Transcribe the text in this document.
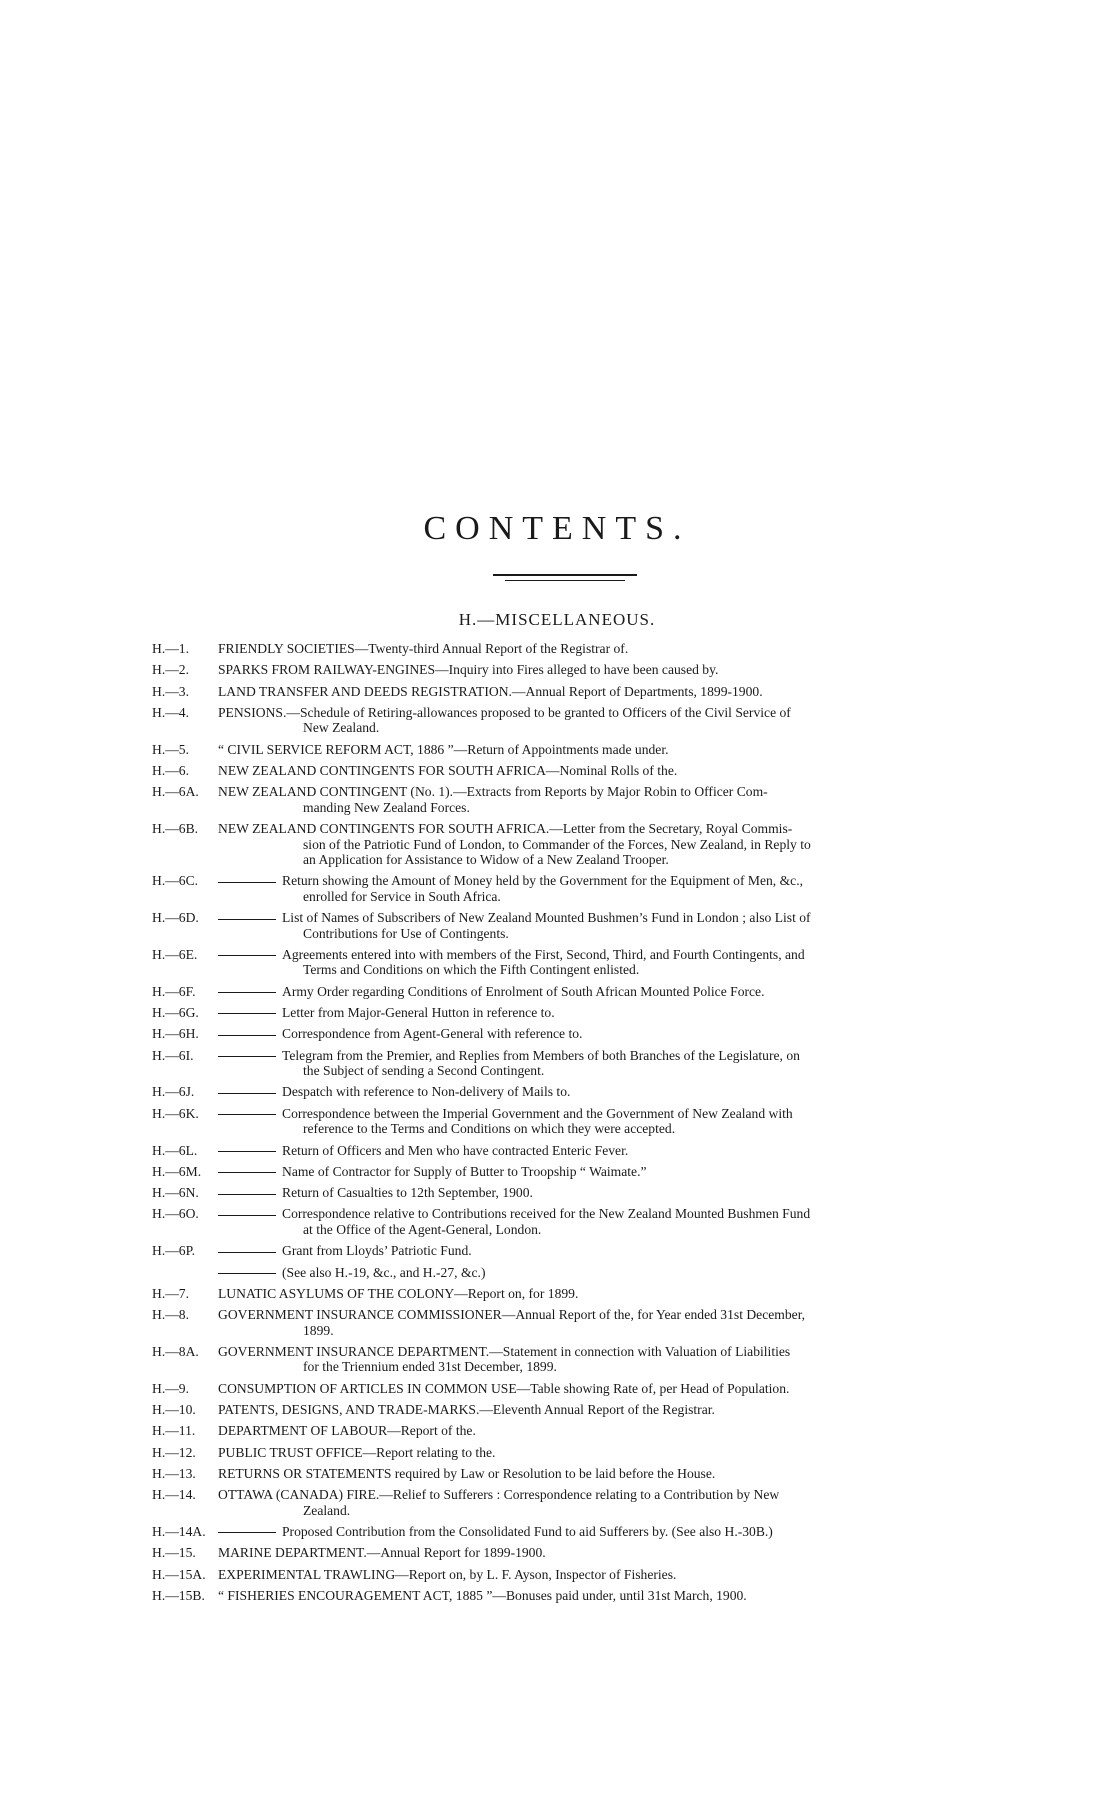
CONTENTS.
H.—MISCELLANEOUS.
H.—1.	FRIENDLY SOCIETIES—Twenty-third Annual Report of the Registrar of.
H.—2.	SPARKS FROM RAILWAY-ENGINES—Inquiry into Fires alleged to have been caused by.
H.—3.	LAND TRANSFER AND DEEDS REGISTRATION.—Annual Report of Departments, 1899-1900.
H.—4.	PENSIONS.—Schedule of Retiring-allowances proposed to be granted to Officers of the Civil Service of
New Zealand.
H.—5.	“ CIVIL SERVICE REFORM ACT, 1886 ”—Return of Appointments made under.
H.—6.	NEW ZEALAND CONTINGENTS FOR SOUTH AFRICA—Nominal Rolls of the.
H.—6A.	NEW ZEALAND CONTINGENT (No. 1).—Extracts from Reports by Major Robin to Officer Com-
manding New Zealand Forces.
H.—6B.	NEW ZEALAND CONTINGENTS FOR SOUTH AFRICA.—Letter from the Secretary, Royal Commis-
sion of the Patriotic Fund of London, to Commander of the Forces, New Zealand, in Reply to
an Application for Assistance to Widow of a New Zealand Trooper.
H.—6C.	Return showing the Amount of Money held by the Government for the Equipment of Men, &c.,
enrolled for Service in South Africa.
H.—6D.	List of Names of Subscribers of New Zealand Mounted Bushmen’s Fund in London ; also List of
Contributions for Use of Contingents.
H.—6E.	Agreements entered into with members of the First, Second, Third, and Fourth Contingents, and
Terms and Conditions on which the Fifth Contingent enlisted.
H.—6F.	Army Order regarding Conditions of Enrolment of South African Mounted Police Force.
H.—6G.	Letter from Major-General Hutton in reference to.
H.—6H.	Correspondence from Agent-General with reference to.
H.—6I.	Telegram from the Premier, and Replies from Members of both Branches of the Legislature, on
the Subject of sending a Second Contingent.
H.—6J.	Despatch with reference to Non-delivery of Mails to.
H.—6K.	Correspondence between the Imperial Government and the Government of New Zealand with
reference to the Terms and Conditions on which they were accepted.
H.—6L.	Return of Officers and Men who have contracted Enteric Fever.
H.—6M.	Name of Contractor for Supply of Butter to Troopship “ Waimate.”
H.—6N.	Return of Casualties to 12th September, 1900.
H.—6O.	Correspondence relative to Contributions received for the New Zealand Mounted Bushmen Fund
at the Office of the Agent-General, London.
H.—6P.	Grant from Lloyds’ Patriotic Fund.
(See also H.-19, &c., and H.-27, &c.)
H.—7.	LUNATIC ASYLUMS OF THE COLONY—Report on, for 1899.
H.—8.	GOVERNMENT INSURANCE COMMISSIONER—Annual Report of the, for Year ended 31st December,
1899.
H.—8A.	GOVERNMENT INSURANCE DEPARTMENT.—Statement in connection with Valuation of Liabilities
for the Triennium ended 31st December, 1899.
H.—9.	CONSUMPTION OF ARTICLES IN COMMON USE—Table showing Rate of, per Head of Population.
H.—10.	PATENTS, DESIGNS, AND TRADE-MARKS.—Eleventh Annual Report of the Registrar.
H.—11.	DEPARTMENT OF LABOUR—Report of the.
H.—12.	PUBLIC TRUST OFFICE—Report relating to the.
H.—13.	RETURNS OR STATEMENTS required by Law or Resolution to be laid before the House.
H.—14.	OTTAWA (CANADA) FIRE.—Relief to Sufferers : Correspondence relating to a Contribution by New
Zealand.
H.—14A.	Proposed Contribution from the Consolidated Fund to aid Sufferers by. (See also H.-30B.)
H.—15.	MARINE DEPARTMENT.—Annual Report for 1899-1900.
H.—15A. EXPERIMENTAL TRAWLING—Report on, by L. F. Ayson, Inspector of Fisheries.
H.—15B. “ FISHERIES ENCOURAGEMENT ACT, 1885 ”—Bonuses paid under, until 31st March, 1900.
